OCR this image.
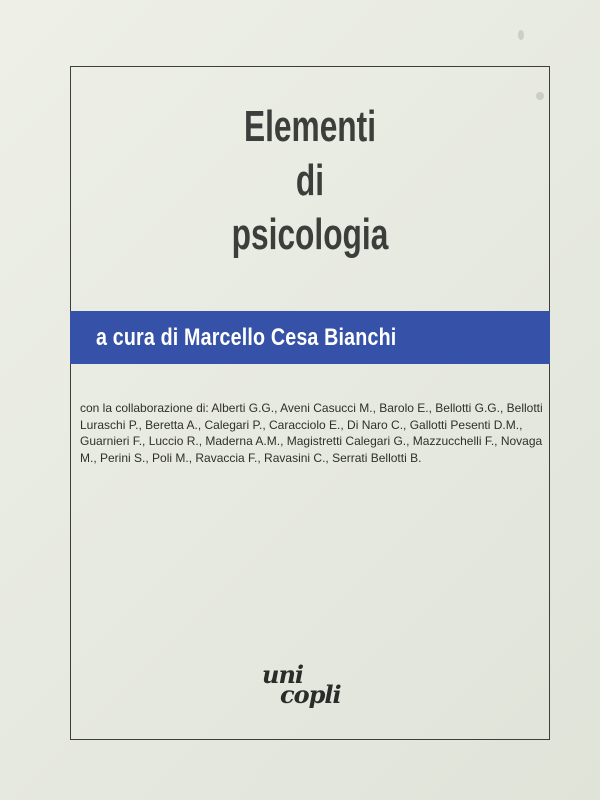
Elementi
di
psicologia
a cura di Marcello Cesa Bianchi
con la collaborazione di: Alberti G.G., Aveni Casucci M., Barolo E., Bellotti G.G., Bellotti Luraschi P., Beretta A., Calegari P., Caracciolo E., Di Naro C., Gallotti Pesenti D.M., Guarnieri F., Luccio R., Maderna A.M., Magistretti Calegari G., Mazzucchelli F., Novaga M., Perini S., Poli M., Ravaccia F., Ravasini C., Serrati Bellotti B.
uni
copli
